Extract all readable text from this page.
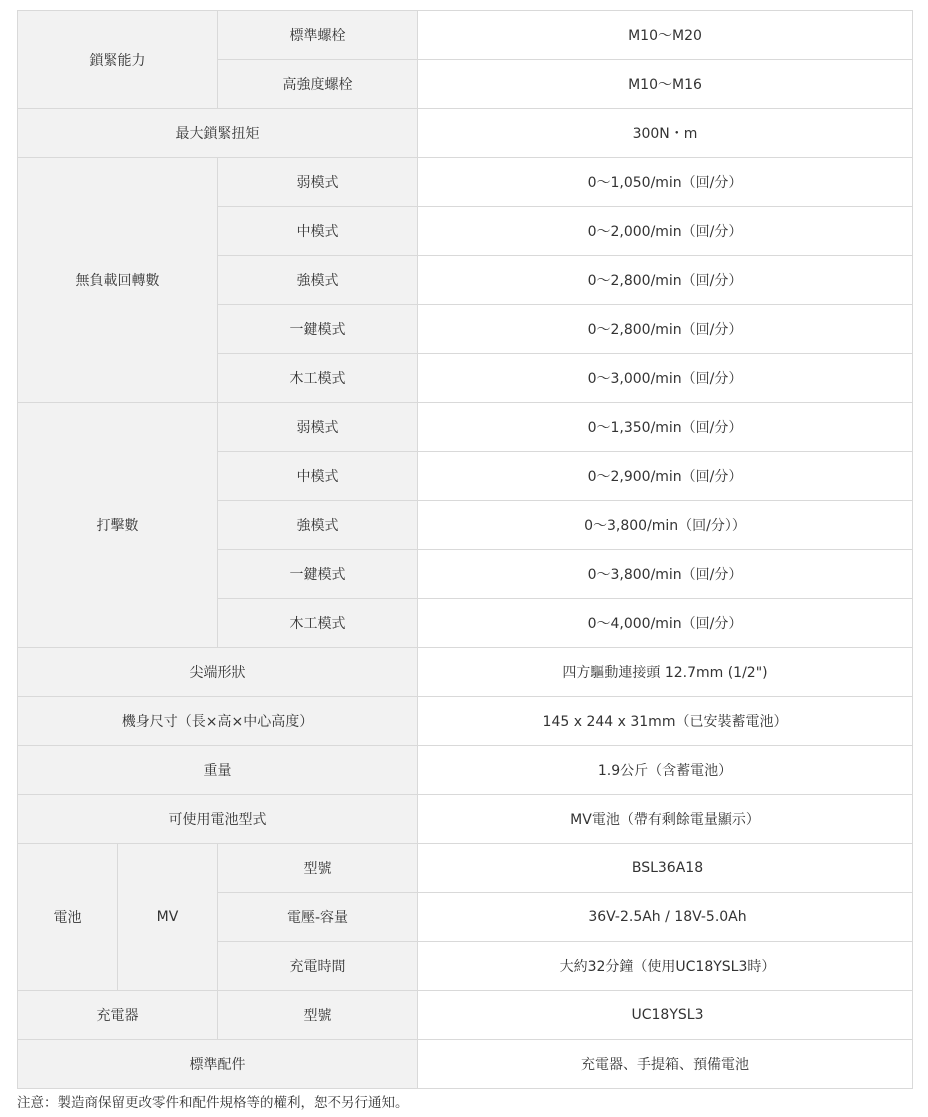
鎖緊能力		標準螺栓	M10～M20
		高強度螺栓	M10～M16
最大鎖緊扭矩			300N・m
無負載回轉數		弱模式	0～1,050/min（回/分）
		中模式	0～2,000/min（回/分）
		強模式	0～2,800/min（回/分）
		一鍵模式	0～2,800/min（回/分）
		木工模式	0～3,000/min（回/分）
打擊數		弱模式	0～1,350/min（回/分）
		中模式	0～2,900/min（回/分）
		強模式	0～3,800/min（回/分））
		一鍵模式	0～3,800/min（回/分）
		木工模式	0～4,000/min（回/分）
尖端形狀			四方驅動連接頭 12.7mm (1/2")
機身尺寸（長×高×中心高度）			145 x 244 x 31mm（已安裝蓄電池）
重量			1.9公斤（含蓄電池）
可使用電池型式			MV電池（帶有剩餘電量顯示）
電池	MV	型號	BSL36A18
		電壓-容量	36V-2.5Ah / 18V-5.0Ah
		充電時間	大約32分鐘（使用UC18YSL3時）
充電器		型號	UC18YSL3
標準配件			充電器、手提箱、預備電池
注意：製造商保留更改零件和配件規格等的權利，恕不另行通知。
